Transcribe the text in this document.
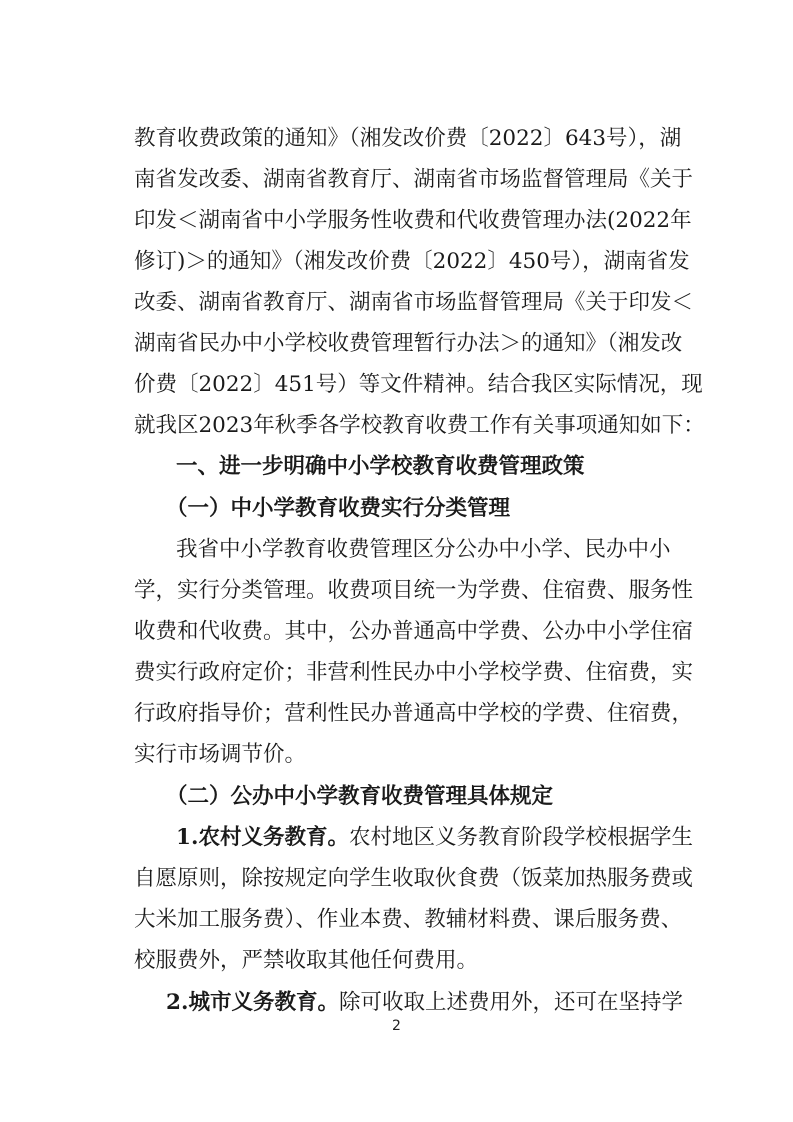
教育收费政策的通知》（湘发改价费〔2022〕643号），湖
南省发改委、湖南省教育厅、湖南省市场监督管理局《关于
印发＜湖南省中小学服务性收费和代收费管理办法(2022年
修订)＞的通知》（湘发改价费〔2022〕450号），湖南省发
改委、湖南省教育厅、湖南省市场监督管理局《关于印发＜
湖南省民办中小学校收费管理暂行办法＞的通知》（湘发改
价费〔2022〕451号）等文件精神。结合我区实际情况，现
就我区2023年秋季各学校教育收费工作有关事项通知如下：
一、进一步明确中小学校教育收费管理政策
（一）中小学教育收费实行分类管理
我省中小学教育收费管理区分公办中小学、民办中小
学，实行分类管理。收费项目统一为学费、住宿费、服务性
收费和代收费。其中，公办普通高中学费、公办中小学住宿
费实行政府定价；非营利性民办中小学校学费、住宿费，实
行政府指导价；营利性民办普通高中学校的学费、住宿费，
实行市场调节价。
（二）公办中小学教育收费管理具体规定
1.农村义务教育。农村地区义务教育阶段学校根据学生
自愿原则，除按规定向学生收取伙食费（饭菜加热服务费或
大米加工服务费）、作业本费、教辅材料费、课后服务费、
校服费外，严禁收取其他任何费用。
2.城市义务教育。除可收取上述费用外，还可在坚持学
2
